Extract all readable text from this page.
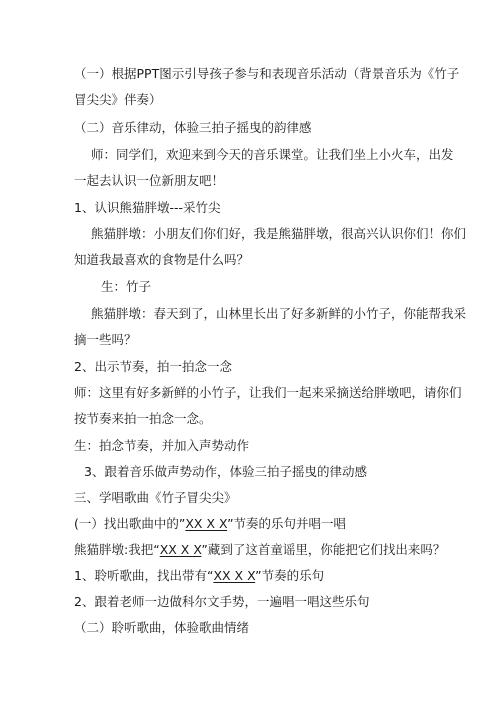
（一）根据PPT图示引导孩子参与和表现音乐活动（背景音乐为《竹子
冒尖尖》伴奏）
（二）音乐律动，体验三拍子摇曳的韵律感
师：同学们，欢迎来到今天的音乐课堂。让我们坐上小火车，出发
一起去认识一位新朋友吧！
1、认识熊猫胖墩---采竹尖
熊猫胖墩：小朋友们你们好，我是熊猫胖墩，很高兴认识你们！你们
知道我最喜欢的食物是什么吗？
生：竹子
熊猫胖墩：春天到了，山林里长出了好多新鲜的小竹子，你能帮我采
摘一些吗？
2、出示节奏，拍一拍念一念
师：这里有好多新鲜的小竹子，让我们一起来采摘送给胖墩吧，请你们
按节奏来拍一拍念一念。
生：拍念节奏，并加入声势动作
3、跟着音乐做声势动作，体验三拍子摇曳的律动感
三、学唱歌曲《竹子冒尖尖》
(一）找出歌曲中的”XX X X”节奏的乐句并唱一唱
熊猫胖墩:我把“XX X X”藏到了这首童谣里，你能把它们找出来吗？
1、聆听歌曲，找出带有“XX X X”节奏的乐句
2、跟着老师一边做科尔文手势，一遍唱一唱这些乐句
（二）聆听歌曲，体验歌曲情绪
